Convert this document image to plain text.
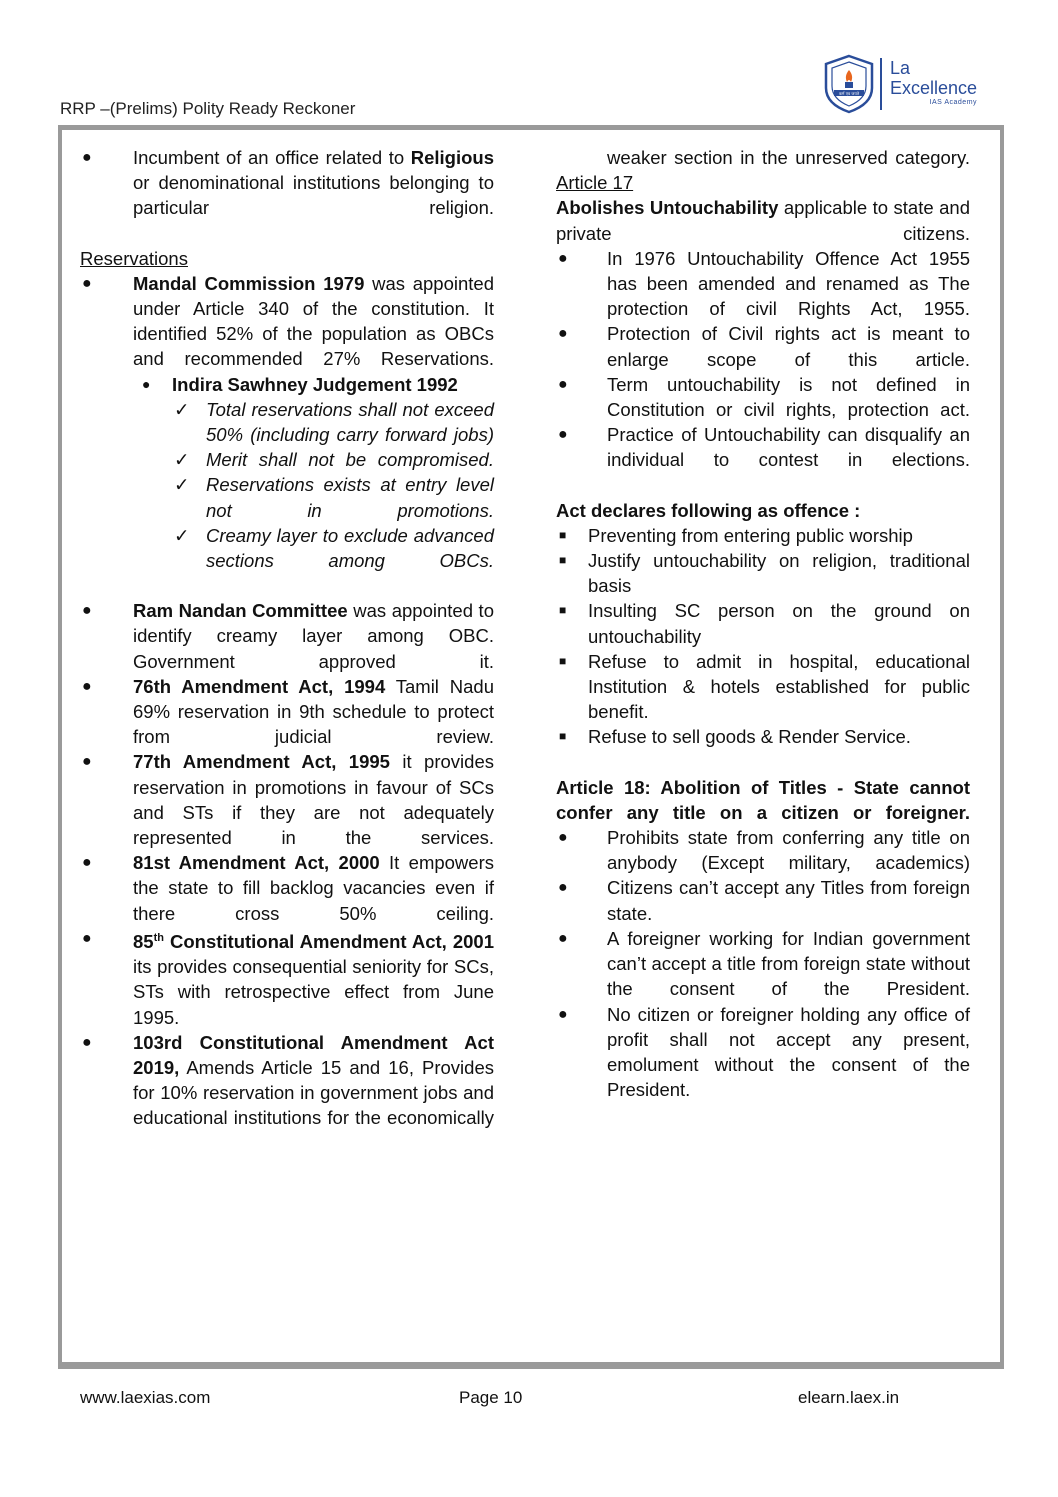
RRP –(Prelims) Polity Ready Reckoner
कर्म एव जयते
La
Excellence
IAS Academy
● Incumbent of an office related to Religious or denominational institutions belonging to particular religion.
Reservations
● Mandal Commission 1979 was appointed under Article 340 of the constitution. It identified 52% of the population as OBCs and recommended 27% Reservations.
● Indira Sawhney Judgement 1992
✓ Total reservations shall not exceed 50% (including carry forward jobs)
✓ Merit shall not be compromised.
✓ Reservations exists at entry level not in promotions.
✓ Creamy layer to exclude advanced sections among OBCs.
● Ram Nandan Committee was appointed to identify creamy layer among OBC. Government approved it.
● 76th Amendment Act, 1994 Tamil Nadu 69% reservation in 9th schedule to protect from judicial review.
● 77th Amendment Act, 1995 it provides reservation in promotions in favour of SCs and STs if they are not adequately represented in the services.
● 81st Amendment Act, 2000 It empowers the state to fill backlog vacancies even if there cross 50% ceiling.
● 85th Constitutional Amendment Act, 2001 its provides consequential seniority for SCs, STs with retrospective effect from June 1995.
● 103rd Constitutional Amendment Act 2019, Amends Article 15 and 16, Provides for 10% reservation in government jobs and educational institutions for the economically
weaker section in the unreserved category.
Article 17
Abolishes Untouchability applicable to state and private citizens.
● In 1976 Untouchability Offence Act 1955 has been amended and renamed as The protection of civil Rights Act, 1955.
● Protection of Civil rights act is meant to enlarge scope of this article.
● Term untouchability is not defined in Constitution or civil rights, protection act.
● Practice of Untouchability can disqualify an individual to contest in elections.
Act declares following as offence :
■ Preventing from entering public worship
■ Justify untouchability on religion, traditional basis
■ Insulting SC person on the ground on untouchability
■ Refuse to admit in hospital, educational Institution & hotels established for public benefit.
■ Refuse to sell goods & Render Service.
Article 18: Abolition of Titles - State cannot confer any title on a citizen or foreigner.
● Prohibits state from conferring any title on anybody (Except military, academics)
● Citizens can’t accept any Titles from foreign state.
● A foreigner working for Indian government can’t accept a title from foreign state without the consent of the President.
● No citizen or foreigner holding any office of profit shall not accept any present, emolument without the consent of the President.
www.laexias.com	Page 10	elearn.laex.in
